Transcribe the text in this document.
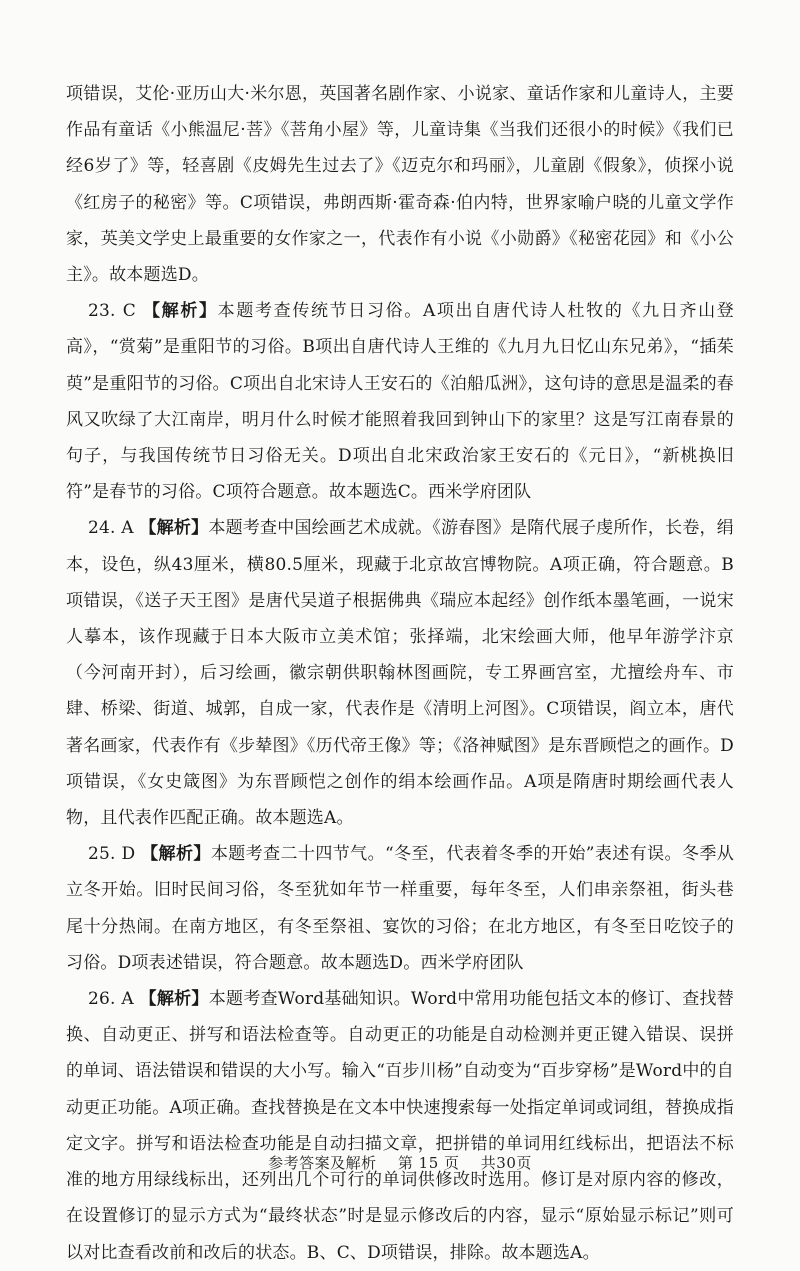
项错误，艾伦·亚历山大·米尔恩，英国著名剧作家、小说家、童话作家和儿童诗人，主要作品有童话《小熊温尼·菩》《菩角小屋》等，儿童诗集《当我们还很小的时候》《我们已经6岁了》等，轻喜剧《皮姆先生过去了》《迈克尔和玛丽》，儿童剧《假象》，侦探小说《红房子的秘密》等。C项错误，弗朗西斯·霍奇森·伯内特，世界家喻户晓的儿童文学作家，英美文学史上最重要的女作家之一，代表作有小说《小勋爵》《秘密花园》和《小公主》。故本题选D。

23. C 【解析】本题考查传统节日习俗。A项出自唐代诗人杜牧的《九日齐山登高》，“赏菊”是重阳节的习俗。B项出自唐代诗人王维的《九月九日忆山东兄弟》，“插茱萸”是重阳节的习俗。C项出自北宋诗人王安石的《泊船瓜洲》，这句诗的意思是温柔的春风又吹绿了大江南岸，明月什么时候才能照着我回到钟山下的家里？这是写江南春景的句子，与我国传统节日习俗无关。D项出自北宋政治家王安石的《元日》，“新桃换旧符”是春节的习俗。C项符合题意。故本题选C。西米学府团队

24. A 【解析】本题考查中国绘画艺术成就。《游春图》是隋代展子虔所作，长卷，绢本，设色，纵43厘米，横80.5厘米，现藏于北京故宫博物院。A项正确，符合题意。B项错误，《送子天王图》是唐代吴道子根据佛典《瑞应本起经》创作纸本墨笔画，一说宋人摹本，该作现藏于日本大阪市立美术馆；张择端，北宋绘画大师，他早年游学汴京（今河南开封），后习绘画，徽宗朝供职翰林图画院，专工界画宫室，尤擅绘舟车、市肆、桥梁、街道、城郭，自成一家，代表作是《清明上河图》。C项错误，阎立本，唐代著名画家，代表作有《步辇图》《历代帝王像》等；《洛神赋图》是东晋顾恺之的画作。D项错误，《女史箴图》为东晋顾恺之创作的绢本绘画作品。A项是隋唐时期绘画代表人物，且代表作匹配正确。故本题选A。

25. D 【解析】本题考查二十四节气。“冬至，代表着冬季的开始”表述有误。冬季从立冬开始。旧时民间习俗，冬至犹如年节一样重要，每年冬至，人们串亲祭祖，街头巷尾十分热闹。在南方地区，有冬至祭祖、宴饮的习俗；在北方地区，有冬至日吃饺子的习俗。D项表述错误，符合题意。故本题选D。西米学府团队

26. A 【解析】本题考查Word基础知识。Word中常用功能包括文本的修订、查找替换、自动更正、拼写和语法检查等。自动更正的功能是自动检测并更正键入错误、误拼的单词、语法错误和错误的大小写。输入“百步川杨”自动变为“百步穿杨”是Word中的自动更正功能。A项正确。查找替换是在文本中快速搜索每一处指定单词或词组，替换成指定文字。拼写和语法检查功能是自动扫描文章，把拼错的单词用红线标出，把语法不标准的地方用绿线标出，还列出几个可行的单词供修改时选用。修订是对原内容的修改，在设置修订的显示方式为“最终状态”时是显示修改后的内容，显示“原始显示标记”则可以对比查看改前和改后的状态。B、C、D项错误，排除。故本题选A。

参考答案及解析 第 15 页 共30页
